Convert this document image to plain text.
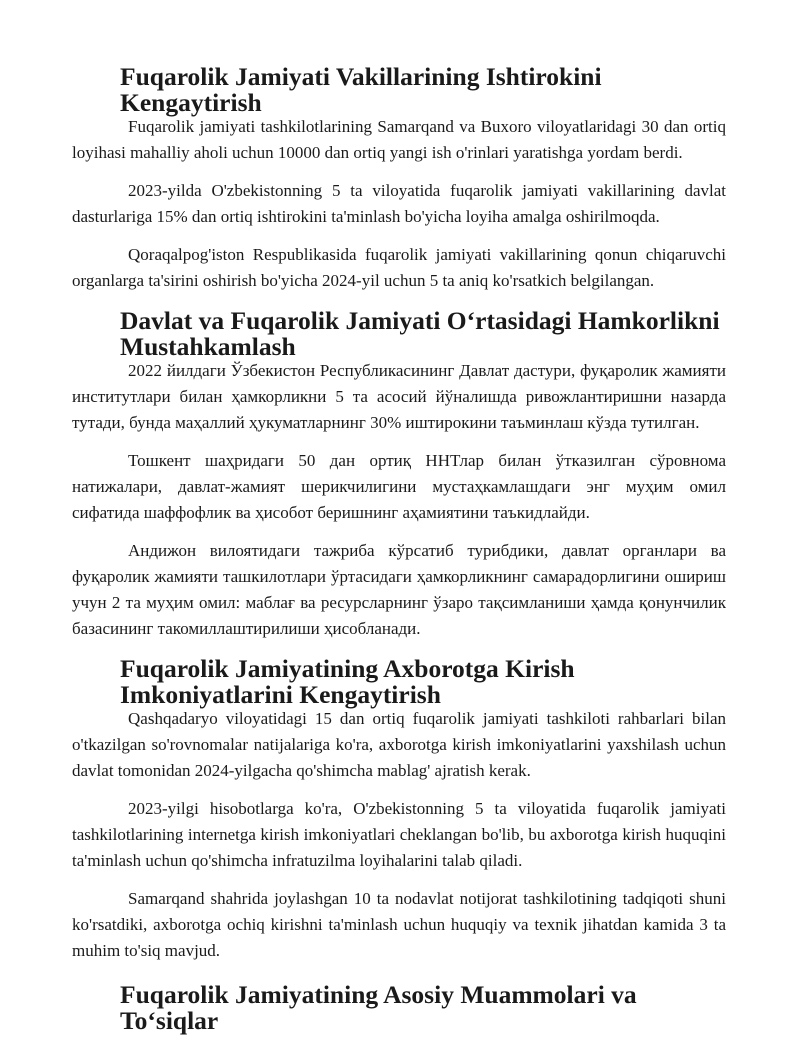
Fuqarolik Jamiyati Vakillarining Ishtirokini Kengaytirish

Fuqarolik jamiyati tashkilotlarining Samarqand va Buxoro viloyatlaridagi 30 dan ortiq loyihasi mahalliy aholi uchun 10000 dan ortiq yangi ish o'rinlari yaratishga yordam berdi.

2023-yilda O'zbekistonning 5 ta viloyatida fuqarolik jamiyati vakillarining davlat dasturlariga 15% dan ortiq ishtirokini ta'minlash bo'yicha loyiha amalga oshirilmoqda.

Qoraqalpog'iston Respublikasida fuqarolik jamiyati vakillarining qonun chiqaruvchi organlarga ta'sirini oshirish bo'yicha 2024-yil uchun 5 ta aniq ko'rsatkich belgilangan.

Davlat va Fuqarolik Jamiyati O‘rtasidagi Hamkorlikni Mustahkamlash

2022 йилдаги Ўзбекистон Республикасининг Давлат дастури, фуқаролик жамияти институтлари билан ҳамкорликни 5 та асосий йўналишда ривожлантиришни назарда тутади, бунда маҳаллий ҳукуматларнинг 30% иштирокини таъминлаш кўзда тутилган.

Тошкент шаҳридаги 50 дан ортиқ ННТлар билан ўтказилган сўровнома натижалари, давлат-жамият шерикчилигини мустаҳкамлашдаги энг муҳим омил сифатида шаффофлик ва ҳисобот беришнинг аҳамиятини таъкидлайди.

Андижон вилоятидаги тажриба кўрсатиб турибдики, давлат органлари ва фуқаролик жамияти ташкилотлари ўртасидаги ҳамкорликнинг самарадорлигини ошириш учун 2 та муҳим омил: маблағ ва ресурсларнинг ўзаро тақсимланиши ҳамда қонунчилик базасининг такомиллаштирилиши ҳисобланади.

Fuqarolik Jamiyatining Axborotga Kirish Imkoniyatlarini Kengaytirish

Qashqadaryo viloyatidagi 15 dan ortiq fuqarolik jamiyati tashkiloti rahbarlari bilan o'tkazilgan so'rovnomalar natijalariga ko'ra, axborotga kirish imkoniyatlarini yaxshilash uchun davlat tomonidan 2024-yilgacha qo'shimcha mablag' ajratish kerak.

2023-yilgi hisobotlarga ko'ra, O'zbekistonning 5 ta viloyatida fuqarolik jamiyati tashkilotlarining internetga kirish imkoniyatlari cheklangan bo'lib, bu axborotga kirish huquqini ta'minlash uchun qo'shimcha infratuzilma loyihalarini talab qiladi.

Samarqand shahrida joylashgan 10 ta nodavlat notijorat tashkilotining tadqiqoti shuni ko'rsatdiki, axborotga ochiq kirishni ta'minlash uchun huquqiy va texnik jihatdan kamida 3 ta muhim to'siq mavjud.

Fuqarolik Jamiyatining Asosiy Muammolari va To‘siqlar
